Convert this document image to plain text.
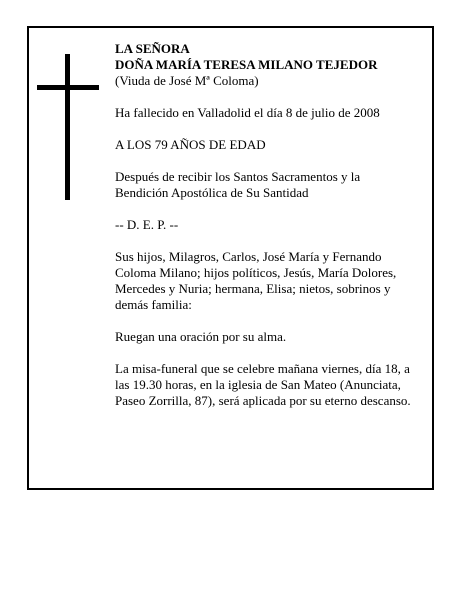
LA SEÑORA

DOÑA MARÍA TERESA MILANO TEJEDOR

(Viuda de José Mª Coloma)

Ha fallecido en Valladolid el día 8 de julio de 2008

A LOS 79 AÑOS DE EDAD

Después de recibir los Santos Sacramentos y la Bendición Apostólica de Su Santidad

-- D. E. P. --

Sus hijos, Milagros, Carlos, José María y Fernando Coloma Milano; hijos políticos, Jesús, María Dolores, Mercedes y Nuria; hermana, Elisa; nietos, sobrinos y demás familia:

Ruegan una oración por su alma.

La misa-funeral que se celebre mañana viernes, día 18, a las 19.30 horas, en la iglesia de San Mateo (Anunciata, Paseo Zorrilla, 87), será aplicada por su eterno descanso.
